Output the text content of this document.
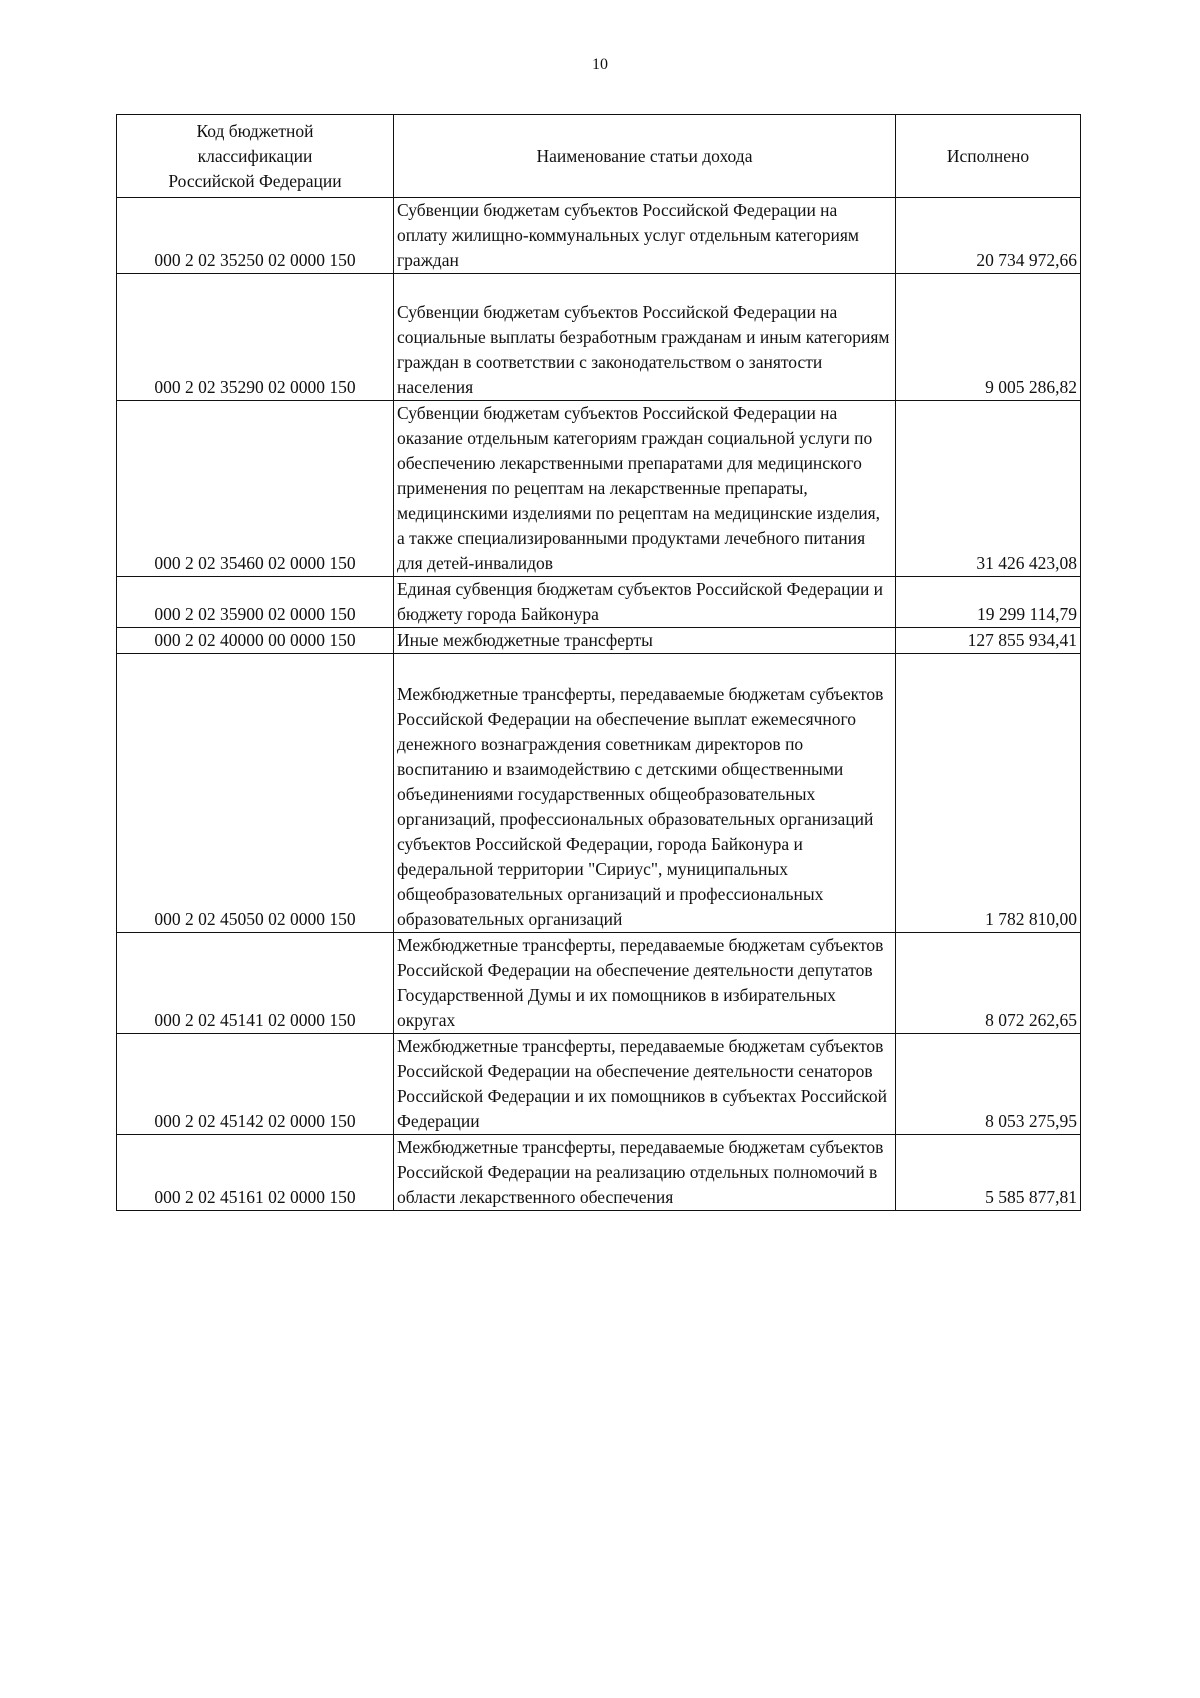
10
Код бюджетной классификации Российской Федерации	Наименование статьи дохода	Исполнено
000 2 02 35250 02 0000 150	Субвенции бюджетам субъектов Российской Федерации на оплату жилищно-коммунальных услуг отдельным категориям граждан	20 734 972,66
000 2 02 35290 02 0000 150	Субвенции бюджетам субъектов Российской Федерации на социальные выплаты безработным гражданам и иным категориям граждан в соответствии с законодательством о занятости населения	9 005 286,82
000 2 02 35460 02 0000 150	Субвенции бюджетам субъектов Российской Федерации на оказание отдельным категориям граждан социальной услуги по обеспечению лекарственными препаратами для медицинского применения по рецептам на лекарственные препараты, медицинскими изделиями по рецептам на медицинские изделия, а также специализированными продуктами лечебного питания для детей-инвалидов	31 426 423,08
000 2 02 35900 02 0000 150	Единая субвенция бюджетам субъектов Российской Федерации и бюджету города Байконура	19 299 114,79
000 2 02 40000 00 0000 150	Иные межбюджетные трансферты	127 855 934,41
000 2 02 45050 02 0000 150	Межбюджетные трансферты, передаваемые бюджетам субъектов Российской Федерации на обеспечение выплат ежемесячного денежного вознаграждения советникам директоров по воспитанию и взаимодействию с детскими общественными объединениями государственных общеобразовательных организаций, профессиональных образовательных организаций субъектов Российской Федерации, города Байконура и федеральной территории "Сириус", муниципальных общеобразовательных организаций и профессиональных образовательных организаций	1 782 810,00
000 2 02 45141 02 0000 150	Межбюджетные трансферты, передаваемые бюджетам субъектов Российской Федерации на обеспечение деятельности депутатов Государственной Думы и их помощников в избирательных округах	8 072 262,65
000 2 02 45142 02 0000 150	Межбюджетные трансферты, передаваемые бюджетам субъектов Российской Федерации на обеспечение деятельности сенаторов Российской Федерации и их помощников в субъектах Российской Федерации	8 053 275,95
000 2 02 45161 02 0000 150	Межбюджетные трансферты, передаваемые бюджетам субъектов Российской Федерации на реализацию отдельных полномочий в области лекарственного обеспечения	5 585 877,81
